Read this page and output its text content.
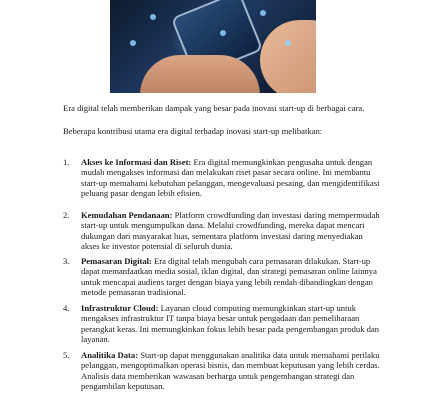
Era digital telah memberikan dampak yang besar pada inovasi start-up di berbagai cara.

Beberapa kontribusi utama era digital terhadap inovasi start-up melibatkan:

1. Akses ke Informasi dan Riset: Era digital memungkinkan pengusaha untuk dengan
mudah mengakses informasi dan melakukan riset pasar secara online. Ini membantu
start-up memahami kebutuhan pelanggan, mengevaluasi pesaing, dan mengidentifikasi
peluang pasar dengan lebih efisien.
2. Kemudahan Pendanaan: Platform crowdfunding dan investasi daring mempermudah
start-up untuk mengumpulkan dana. Melalui crowdfunding, mereka dapat mencari
dukungan dari masyarakat luas, sementara platform investasi daring menyediakan
akses ke investor potensial di seluruh dunia.
3. Pemasaran Digital: Era digital telah mengubah cara pemasaran dilakukan. Start-up
dapat memanfaatkan media sosial, iklan digital, dan strategi pemasaran online lainnya
untuk mencapai audiens target dengan biaya yang lebih rendah dibandingkan dengan
metode pemasaran tradisional.
4. Infrastruktur Cloud: Layanan cloud computing memungkinkan start-up untuk
mengakses infrastruktur IT tanpa biaya besar untuk pengadaan dan pemeliharaan
perangkat keras. Ini memungkinkan fokus lebih besar pada pengembangan produk dan
layanan.
5. Analitika Data: Start-up dapat menggunakan analitika data untuk memahami perilaku
pelanggan, mengoptimalkan operasi bisnis, dan membuat keputusan yang lebih cerdas.
Analisis data memberikan wawasan berharga untuk pengembangan strategi dan
pengambilan keputusan.
